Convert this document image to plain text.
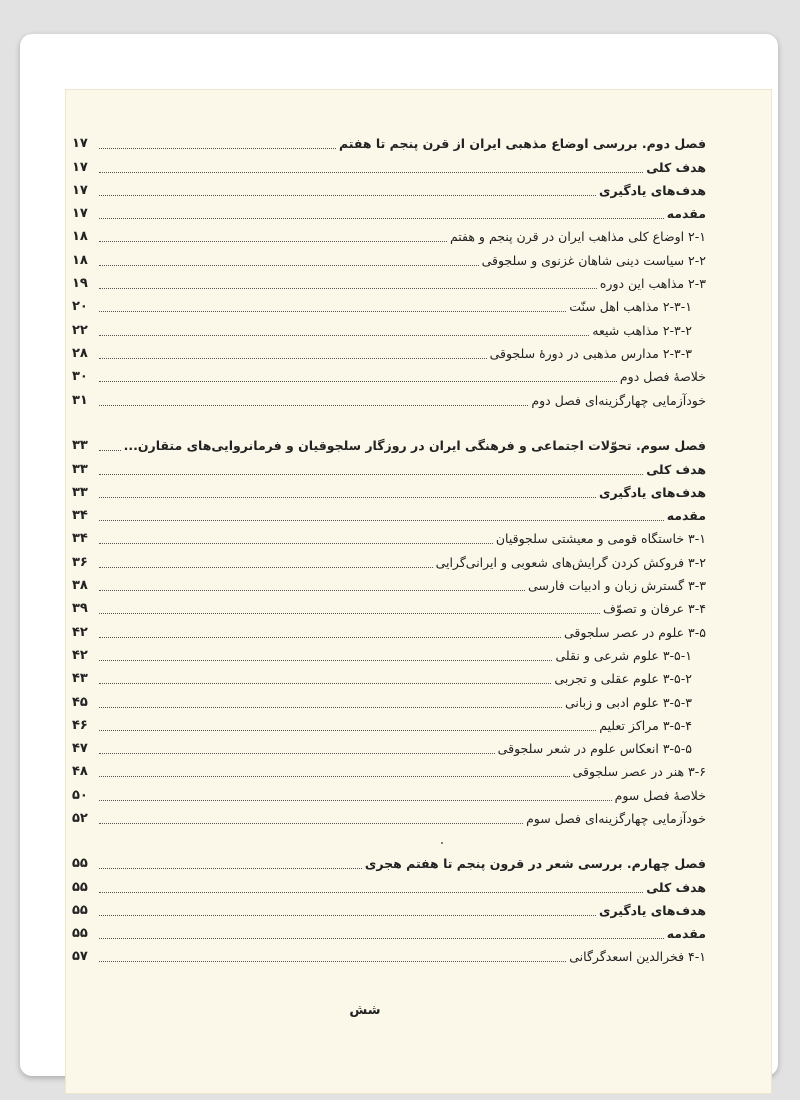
فصل دوم. بررسی اوضاع مذهبی ایران از قرن پنجم تا هفتم
۱۷
هدف کلی
۱۷
هدف‌های یادگیری
۱۷
مقدمه
۱۷
۲-۱ اوضاع کلی مذاهب ایران در قرن پنجم و هفتم
۱۸
۲-۲ سیاست دینی شاهان غزنوی و سلجوقی
۱۸
۲-۳ مذاهب این دوره
۱۹
۲-۳-۱ مذاهب اهل سنّت
۲۰
۲-۳-۲ مذاهب شیعه
۲۲
۲-۳-۳ مدارس مذهبی در دورهٔ سلجوقی
۲۸
خلاصهٔ فصل دوم
۳۰
خودآزمایی چهارگزینه‌ای فصل دوم
۳۱
فصل سوم. تحوّلات اجتماعی و فرهنگی ایران در روزگار سلجوقیان و فرمانروایی‌های متقارن...
۳۳
هدف کلی
۳۳
هدف‌های یادگیری
۳۳
مقدمه
۳۴
۳-۱ خاستگاه قومی و معیشتی سلجوقیان
۳۴
۳-۲ فروکش کردن گرایش‌های شعوبی و ایرانی‌گرایی
۳۶
۳-۳ گسترش زبان و ادبیات فارسی
۳۸
۳-۴ عرفان و تصوّف
۳۹
۳-۵ علوم در عصر سلجوقی
۴۲
۳-۵-۱ علوم شرعی و نقلی
۴۲
۳-۵-۲ علوم عقلی و تجربی
۴۳
۳-۵-۳ علوم ادبی و زبانی
۴۵
۳-۵-۴ مراکز تعلیم
۴۶
۳-۵-۵ انعکاس علوم در شعر سلجوقی
۴۷
۳-۶ هنر در عصر سلجوقی
۴۸
خلاصهٔ فصل سوم
۵۰
خودآزمایی چهارگزینه‌ای فصل سوم
۵۲
فصل چهارم. بررسی شعر در قرون پنجم تا هفتم هجری
۵۵
هدف کلی
۵۵
هدف‌های یادگیری
۵۵
مقدمه
۵۵
۴-۱ فخرالدین اسعدگرگانی
۵۷
شش
